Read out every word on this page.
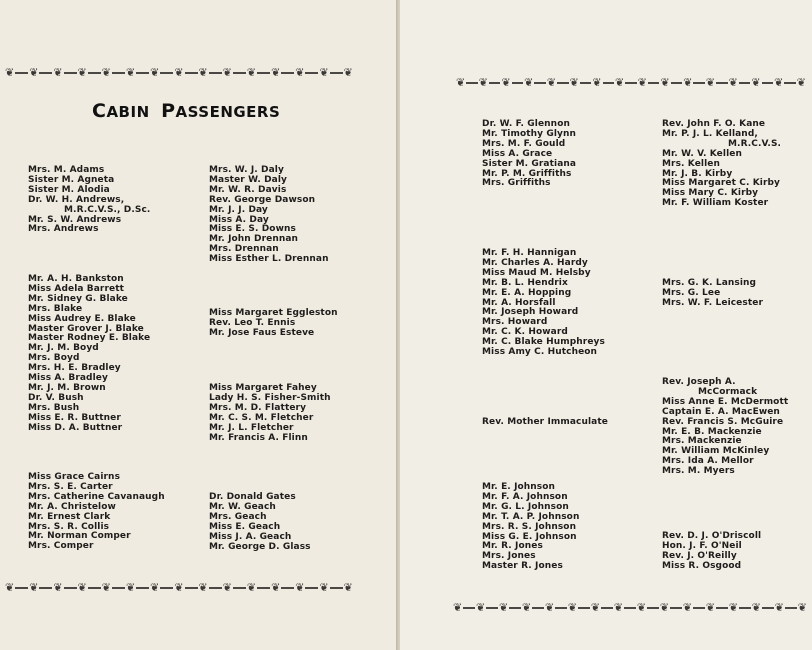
❦ ❦ ❦ ❦ ❦ ❦ ❦ ❦ ❦ ❦ ❦ ❦ ❦ ❦ ❦
CABIN PASSENGERS
Mrs. M. Adams
Sister M. Agneta
Sister M. Alodia
Dr. W. H. Andrews,
M.R.C.V.S., D.Sc.
Mr. S. W. Andrews
Mrs. Andrews
Mr. A. H. Bankston
Miss Adela Barrett
Mr. Sidney G. Blake
Mrs. Blake
Miss Audrey E. Blake
Master Grover J. Blake
Master Rodney E. Blake
Mr. J. M. Boyd
Mrs. Boyd
Mrs. H. E. Bradley
Miss A. Bradley
Mr. J. M. Brown
Dr. V. Bush
Mrs. Bush
Miss E. R. Buttner
Miss D. A. Buttner
Miss Grace Cairns
Mrs. S. E. Carter
Mrs. Catherine Cavanaugh
Mr. A. Christelow
Mr. Ernest Clark
Mrs. S. R. Collis
Mr. Norman Comper
Mrs. Comper
Mrs. W. J. Daly
Master W. Daly
Mr. W. R. Davis
Rev. George Dawson
Mr. J. J. Day
Miss A. Day
Miss E. S. Downs
Mr. John Drennan
Mrs. Drennan
Miss Esther L. Drennan
Miss Margaret Eggleston
Rev. Leo T. Ennis
Mr. Jose Faus Esteve
Miss Margaret Fahey
Lady H. S. Fisher-Smith
Mrs. M. D. Flattery
Mr. C. S. M. Fletcher
Mr. J. L. Fletcher
Mr. Francis A. Flinn
Dr. Donald Gates
Mr. W. Geach
Mrs. Geach
Miss E. Geach
Miss J. A. Geach
Mr. George D. Glass
❦ ❦ ❦ ❦ ❦ ❦ ❦ ❦ ❦ ❦ ❦ ❦ ❦ ❦ ❦
❦ ❦ ❦ ❦ ❦ ❦ ❦ ❦ ❦ ❦ ❦ ❦ ❦ ❦ ❦ ❦
Dr. W. F. Glennon
Mr. Timothy Glynn
Mrs. M. F. Gould
Miss A. Grace
Sister M. Gratiana
Mr. P. M. Griffiths
Mrs. Griffiths
Mr. F. H. Hannigan
Mr. Charles A. Hardy
Miss Maud M. Helsby
Mr. B. L. Hendrix
Mr. E. A. Hopping
Mr. A. Horsfall
Mr. Joseph Howard
Mrs. Howard
Mr. C. K. Howard
Mr. C. Blake Humphreys
Miss Amy C. Hutcheon
Rev. Mother Immaculate
Mr. E. Johnson
Mr. F. A. Johnson
Mr. G. L. Johnson
Mr. T. A. P. Johnson
Mrs. R. S. Johnson
Miss G. E. Johnson
Mr. R. Jones
Mrs. Jones
Master R. Jones
Rev. John F. O. Kane
Mr. P. J. L. Kelland,
M.R.C.V.S.
Mr. W. V. Kellen
Mrs. Kellen
Mr. J. B. Kirby
Miss Margaret C. Kirby
Miss Mary C. Kirby
Mr. F. William Koster
Mrs. G. K. Lansing
Mrs. G. Lee
Mrs. W. F. Leicester
Rev. Joseph A.
McCormack
Miss Anne E. McDermott
Captain E. A. MacEwen
Rev. Francis S. McGuire
Mr. E. B. Mackenzie
Mrs. Mackenzie
Mr. William McKinley
Mrs. Ida A. Mellor
Mrs. M. Myers
Rev. D. J. O'Driscoll
Hon. J. F. O'Neil
Rev. J. O'Reilly
Miss R. Osgood
❦ ❦ ❦ ❦ ❦ ❦ ❦ ❦ ❦ ❦ ❦ ❦ ❦ ❦ ❦ ❦
